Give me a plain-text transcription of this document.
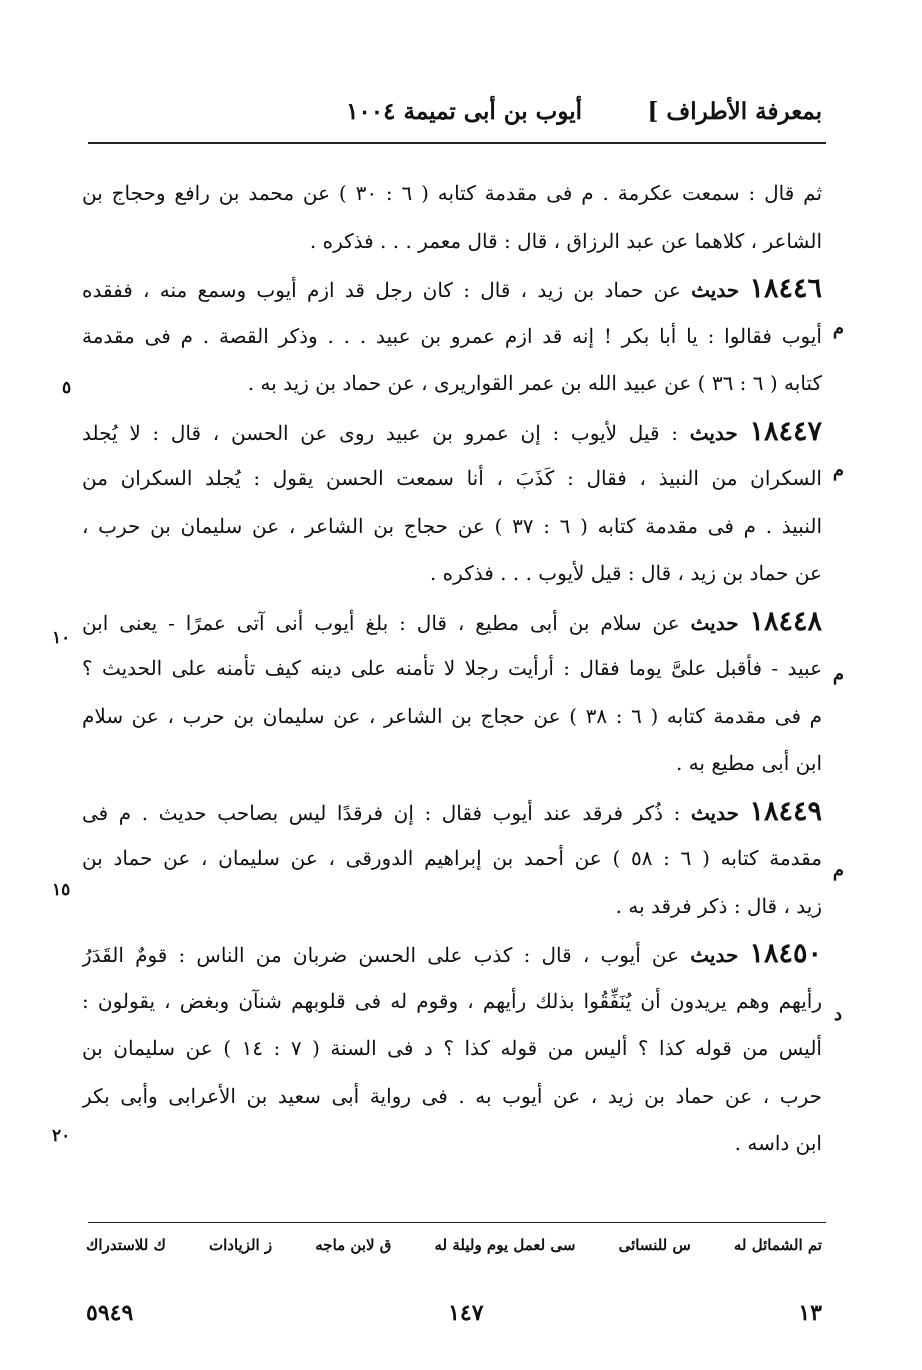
بمعرفة الأطراف ]
أيوب بن أبى تميمة ١٠٠٤
ثم قال : سمعت عكرمة . م فى مقدمة كتابه ( ٦ : ٣٠ ) عن محمد بن رافع وحجاج بن
الشاعر ، كلاهما عن عبد الرزاق ، قال : قال معمر . . . فذكره .
١٨٤٤٦ حديث عن حماد بن زيد ، قال : كان رجل قد ازم أيوب وسمع منه ، ففقده
أيوب فقالوا : يا أبا بكر ! إنه قد ازم عمرو بن عبيد . . . وذكر القصة . م فى مقدمة
كتابه ( ٦ : ٣٦ ) عن عبيد الله بن عمر القواريرى ، عن حماد بن زيد به .
١٨٤٤٧ حديث : قيل لأيوب : إن عمرو بن عبيد روى عن الحسن ، قال : لا يُجلد
السكران من النبيذ ، فقال : كَذَبَ ، أنا سمعت الحسن يقول : يُجلد السكران من
النبيذ . م فى مقدمة كتابه ( ٦ : ٣٧ ) عن حجاج بن الشاعر ، عن سليمان بن حرب ،
عن حماد بن زيد ، قال : قيل لأيوب . . . فذكره .
١٨٤٤٨ حديث عن سلام بن أبى مطيع ، قال : بلغ أيوب أنى آتى عمرًا - يعنى ابن
عبيد - فأقبل علىَّ يوما فقال : أرأيت رجلا لا تأمنه على دينه كيف تأمنه على الحديث ؟
م فى مقدمة كتابه ( ٦ : ٣٨ ) عن حجاج بن الشاعر ، عن سليمان بن حرب ، عن سلام
ابن أبى مطيع به .
١٨٤٤٩ حديث : ذُكر فرقد عند أيوب فقال : إن فرقدًا ليس بصاحب حديث . م فى
مقدمة كتابه ( ٦ : ٥٨ ) عن أحمد بن إبراهيم الدورقى ، عن سليمان ، عن حماد بن
زيد ، قال : ذكر فرقد به .
١٨٤٥٠ حديث عن أيوب ، قال : كذب على الحسن ضربان من الناس : قومٌ القَدَرُ
رأيهم وهم يريدون أن يُنَفِّقُوا بذلك رأيهم ، وقوم له فى قلوبهم شنآن وبغض ، يقولون :
أليس من قوله كذا ؟ أليس من قوله كذا ؟ د فى السنة ( ٧ : ١٤ ) عن سليمان بن
حرب ، عن حماد بن زيد ، عن أيوب به . فى رواية أبى سعيد بن الأعرابى وأبى بكر
ابن داسه .
م
م
م
م
د
٥
١٠
١٥
٢٠
تم الشمائل له
س للنسائى
سى لعمل يوم وليلة له
ق لابن ماجه
ز الزيادات
ك للاستدراك
١٣
١٤٧
٥٩٤٩
